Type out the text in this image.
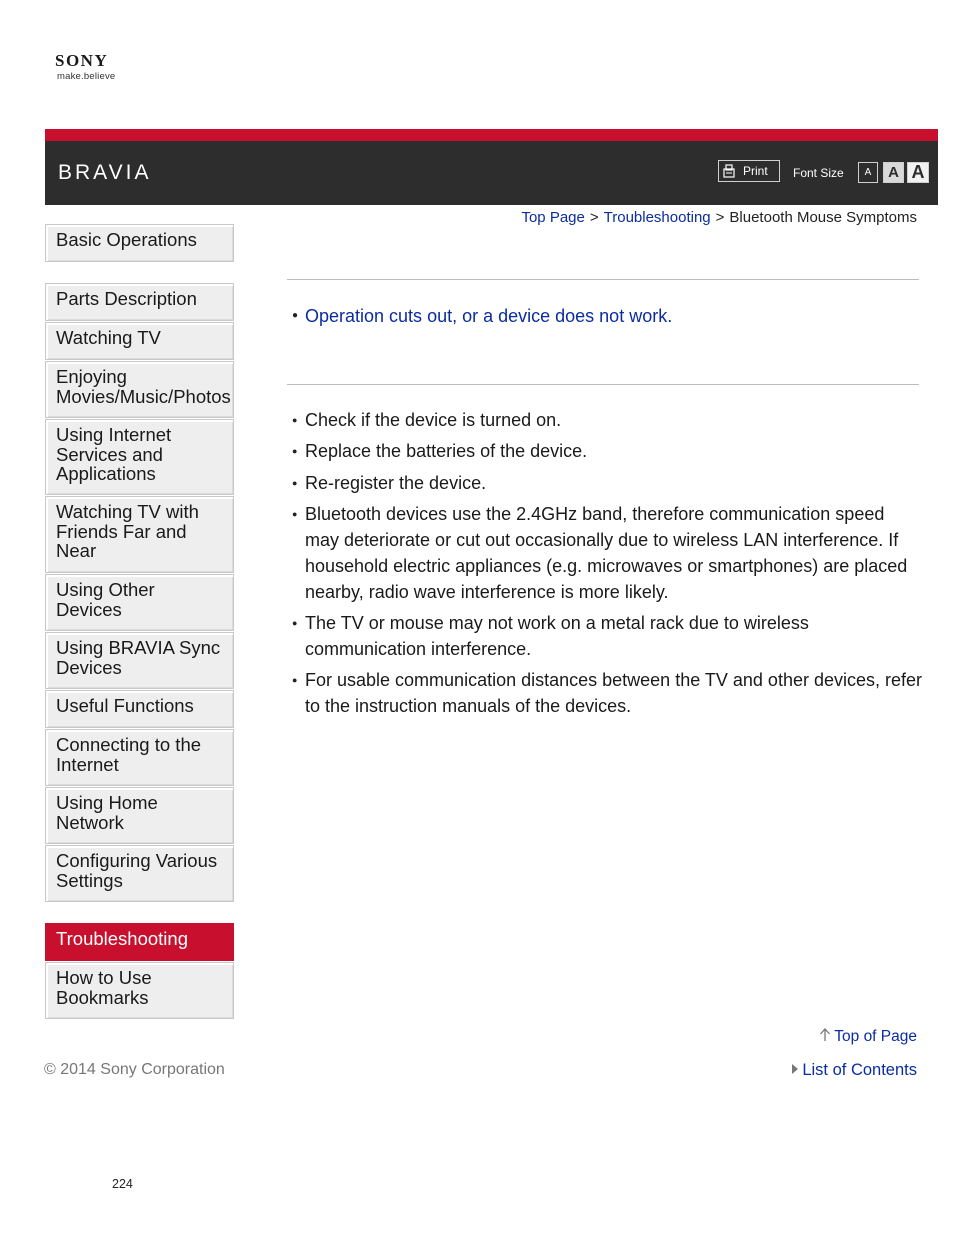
SONY
make.believe
BRAVIA	Print Font Size	A	A A
Top Page > Troubleshooting > Bluetooth Mouse Symptoms
Basic Operations
Parts Description
Watching TV
Enjoying Movies/Music/Photos
Using Internet Services and Applications
Watching TV with Friends Far and Near
Using Other Devices
Using BRAVIA Sync Devices
Useful Functions
Connecting to the Internet
Using Home Network
Configuring Various Settings
Troubleshooting
How to Use Bookmarks
● Operation cuts out, or a device does not work.
● Check if the device is turned on.
● Replace the batteries of the device.
● Re-register the device.
● Bluetooth devices use the 2.4GHz band, therefore communication speed may deteriorate or cut out occasionally due to wireless LAN interference. If household electric appliances (e.g. microwaves or smartphones) are placed nearby, radio wave interference is more likely.
● The TV or mouse may not work on a metal rack due to wireless communication interference.
● For usable communication distances between the TV and other devices, refer to the instruction manuals of the devices.
Top of Page
© 2014 Sony Corporation	List of Contents
224
